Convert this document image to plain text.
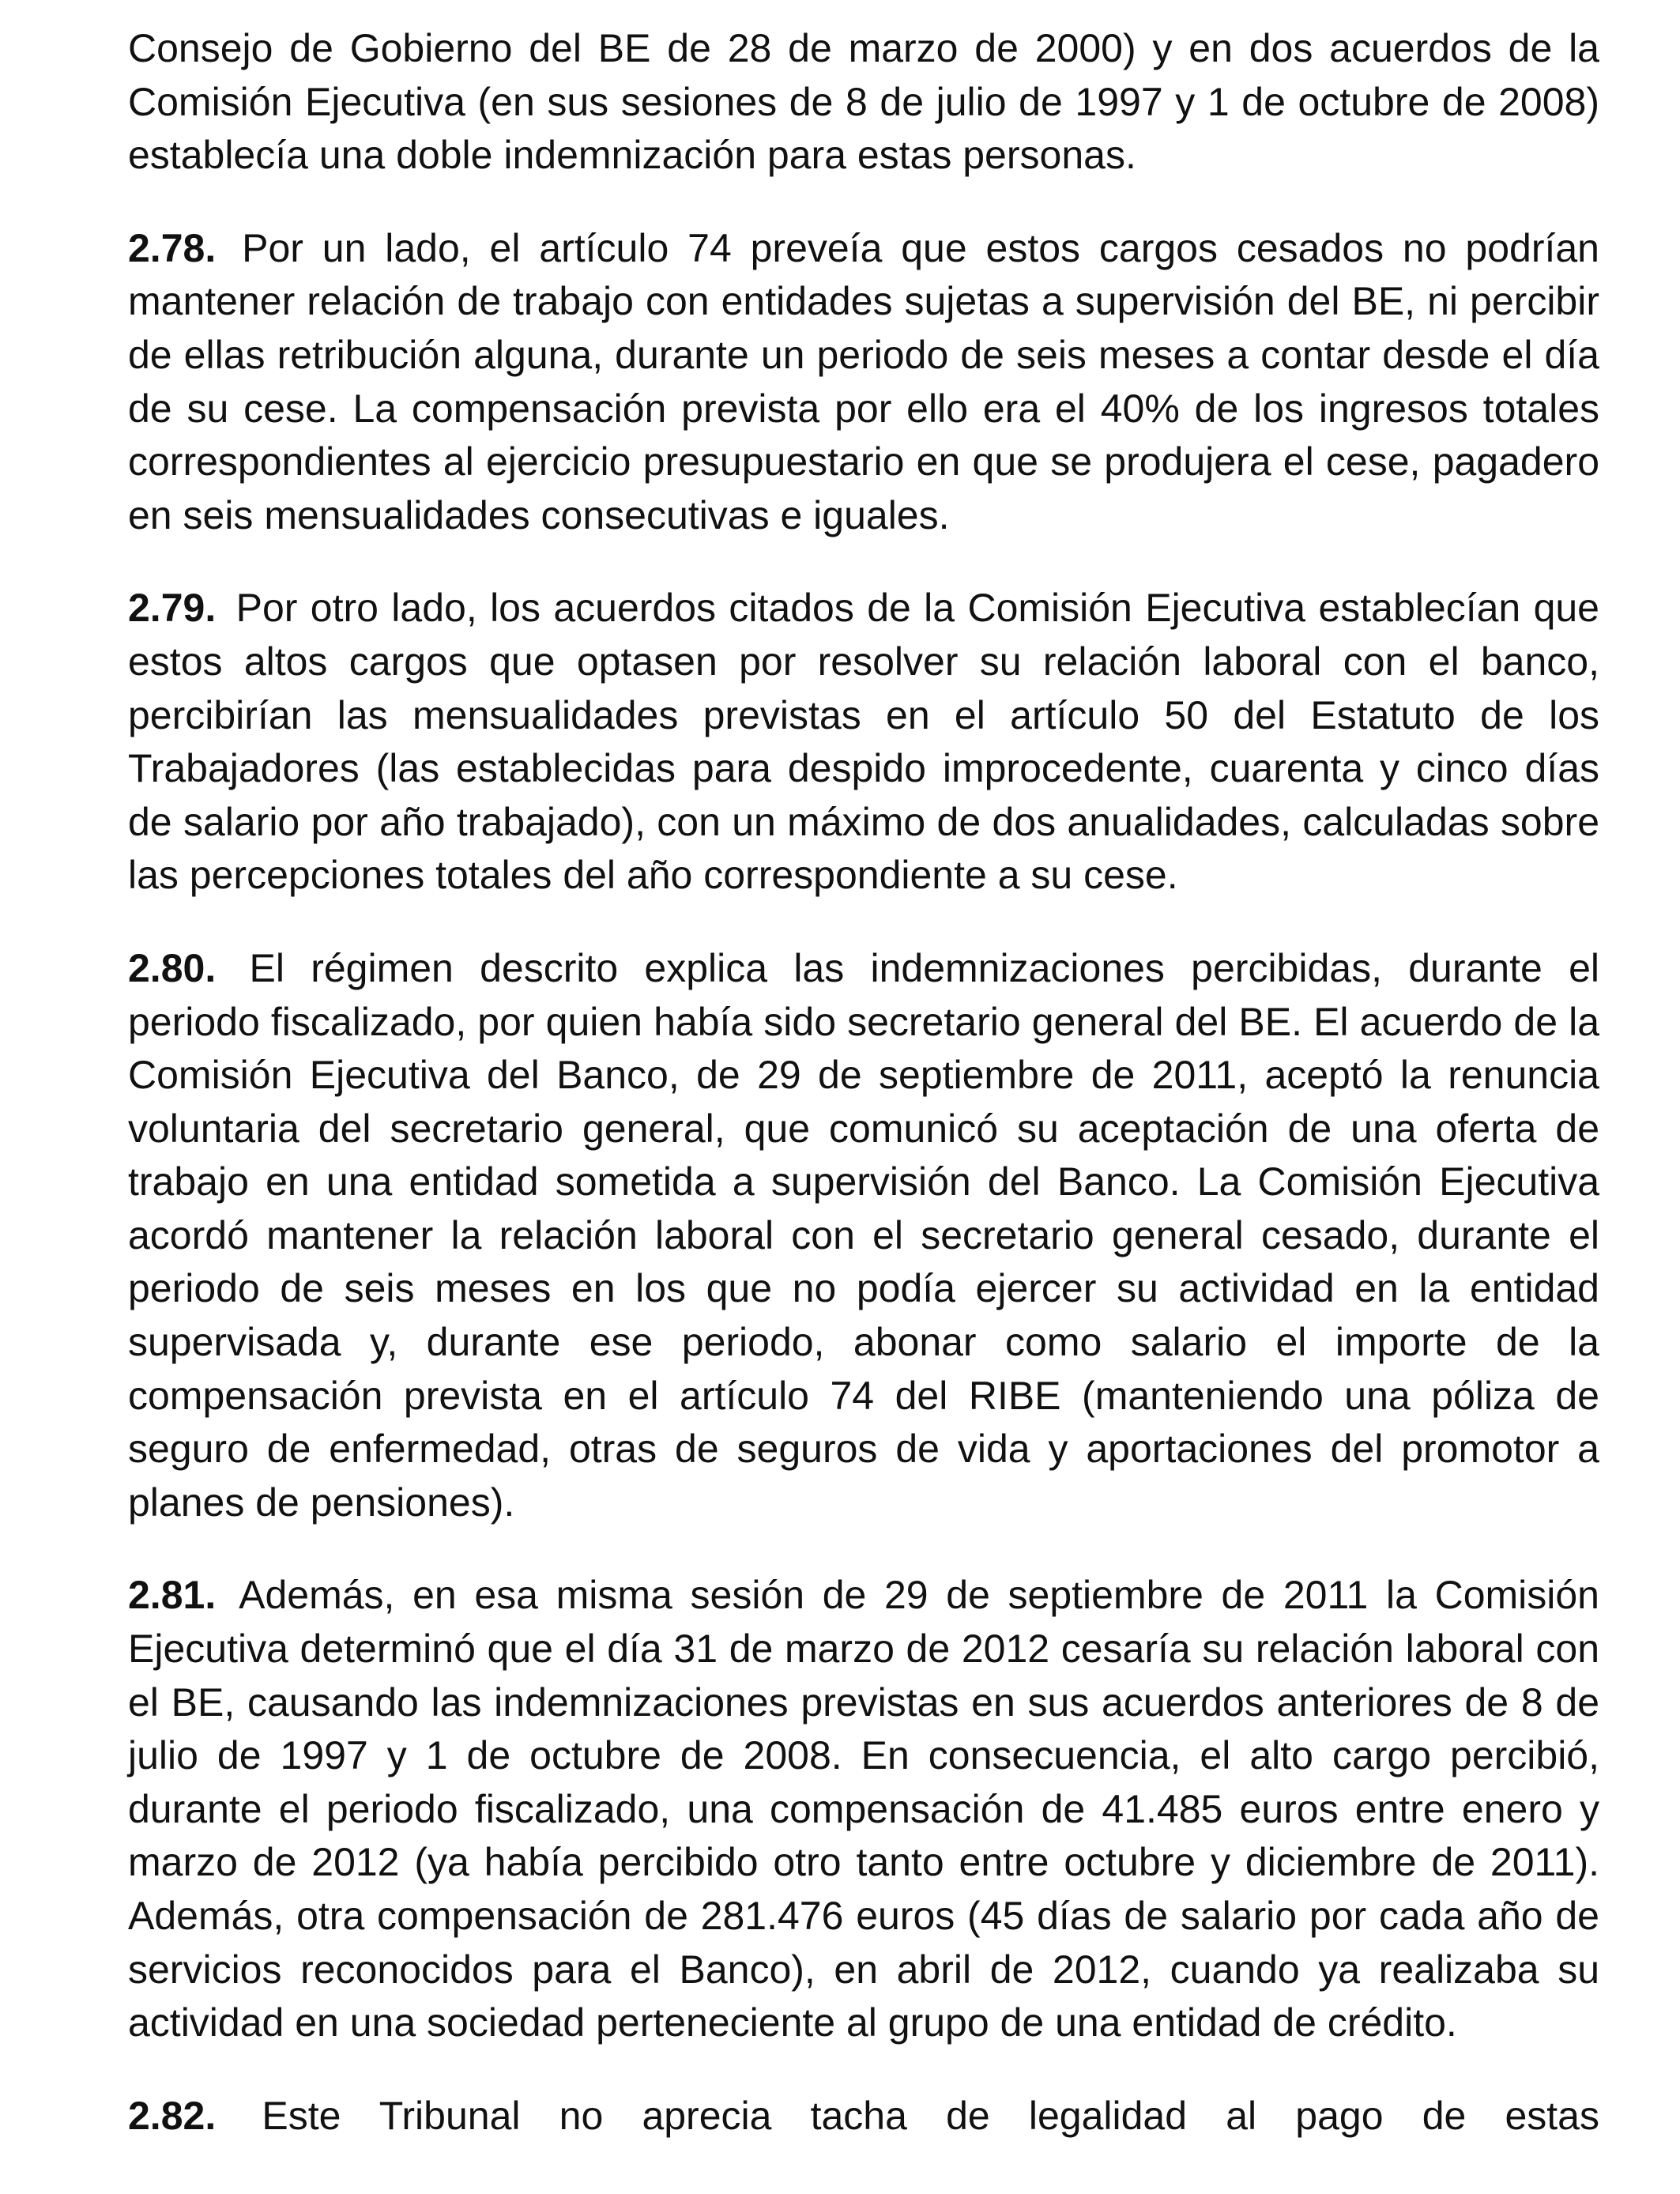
Consejo de Gobierno del BE de 28 de marzo de 2000) y en dos acuerdos de la Comisión Ejecutiva (en sus sesiones de 8 de julio de 1997 y 1 de octubre de 2008) establecía una doble indemnización para estas personas.

2.78. Por un lado, el artículo 74 preveía que estos cargos cesados no podrían mantener relación de trabajo con entidades sujetas a supervisión del BE, ni percibir de ellas retribución alguna, durante un periodo de seis meses a contar desde el día de su cese. La compensación prevista por ello era el 40% de los ingresos totales correspondientes al ejercicio presupuestario en que se produjera el cese, pagadero en seis mensualidades consecutivas e iguales.

2.79. Por otro lado, los acuerdos citados de la Comisión Ejecutiva establecían que estos altos cargos que optasen por resolver su relación laboral con el banco, percibirían las mensualidades previstas en el artículo 50 del Estatuto de los Trabajadores (las establecidas para despido improcedente, cuarenta y cinco días de salario por año trabajado), con un máximo de dos anualidades, calculadas sobre las percepciones totales del año correspondiente a su cese.

2.80. El régimen descrito explica las indemnizaciones percibidas, durante el periodo fiscalizado, por quien había sido secretario general del BE. El acuerdo de la Comisión Ejecutiva del Banco, de 29 de septiembre de 2011, aceptó la renuncia voluntaria del secretario general, que comunicó su aceptación de una oferta de trabajo en una entidad sometida a supervisión del Banco. La Comisión Ejecutiva acordó mantener la relación laboral con el secretario general cesado, durante el periodo de seis meses en los que no podía ejercer su actividad en la entidad supervisada y, durante ese periodo, abonar como salario el importe de la compensación prevista en el artículo 74 del RIBE (manteniendo una póliza de seguro de enfermedad, otras de seguros de vida y aportaciones del promotor a planes de pensiones).

2.81. Además, en esa misma sesión de 29 de septiembre de 2011 la Comisión Ejecutiva determinó que el día 31 de marzo de 2012 cesaría su relación laboral con el BE, causando las indemnizaciones previstas en sus acuerdos anteriores de 8 de julio de 1997 y 1 de octubre de 2008. En consecuencia, el alto cargo percibió, durante el periodo fiscalizado, una compensación de 41.485 euros entre enero y marzo de 2012 (ya había percibido otro tanto entre octubre y diciembre de 2011). Además, otra compensación de 281.476 euros (45 días de salario por cada año de servicios reconocidos para el Banco), en abril de 2012, cuando ya realizaba su actividad en una sociedad perteneciente al grupo de una entidad de crédito.

2.82. Este Tribunal no aprecia tacha de legalidad al pago de estas
